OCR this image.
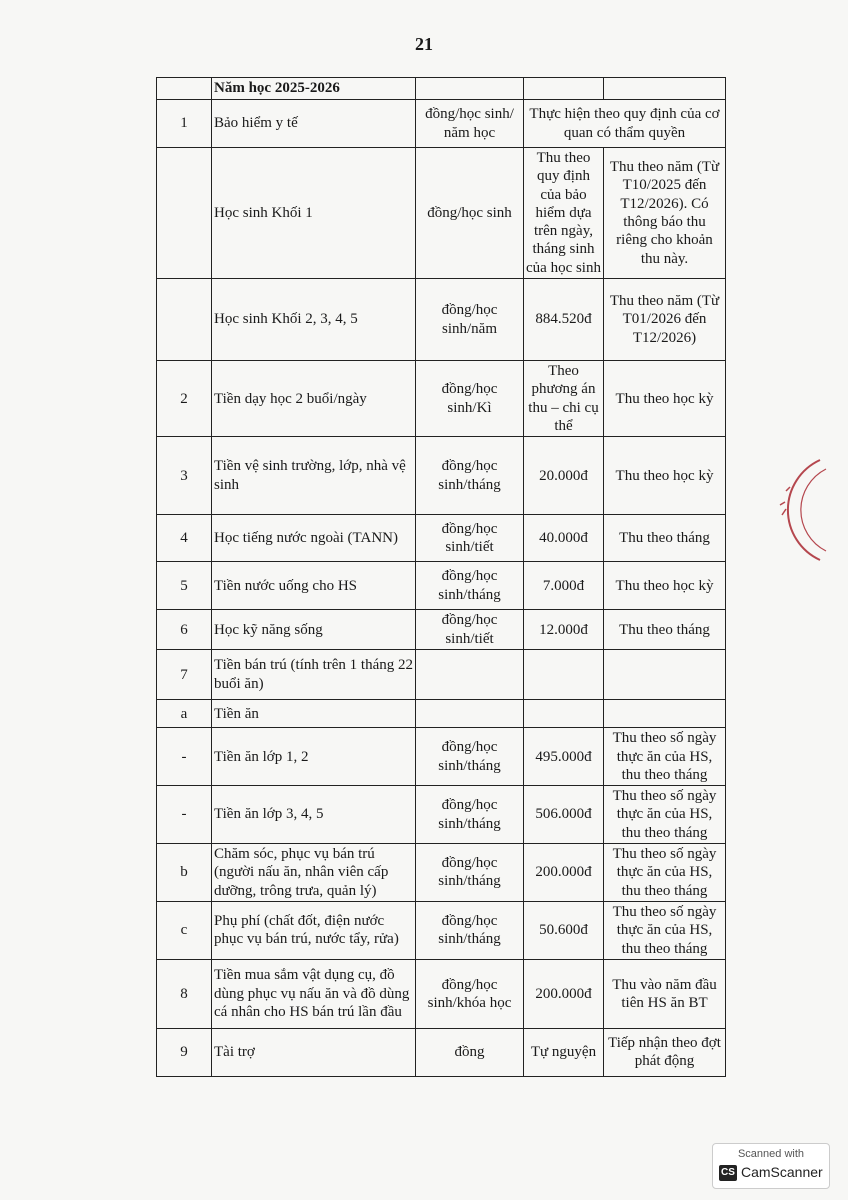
21
	Năm học 2025-2026			
1	Bảo hiểm y tế	đồng/học sinh/ năm học	Thực hiện theo quy định của cơ quan có thẩm quyền	
	Học sinh Khối 1	đồng/học sinh	Thu theo quy định của bảo hiểm dựa trên ngày, tháng sinh của học sinh	Thu theo năm (Từ T10/2025 đến T12/2026). Có thông báo thu riêng cho khoản thu này.
	Học sinh Khối 2, 3, 4, 5	đồng/học sinh/năm	884.520đ	Thu theo năm (Từ T01/2026 đến T12/2026)
2	Tiền dạy học 2 buổi/ngày	đồng/học sinh/Kì	Theo phương án thu – chi cụ thể	Thu theo học kỳ
3	Tiền vệ sinh trường, lớp, nhà vệ sinh	đồng/học sinh/tháng	20.000đ	Thu theo học kỳ
4	Học tiếng nước ngoài (TANN)	đồng/học sinh/tiết	40.000đ	Thu theo tháng
5	Tiền nước uống cho HS	đồng/học sinh/tháng	7.000đ	Thu theo học kỳ
6	Học kỹ năng sống	đồng/học sinh/tiết	12.000đ	Thu theo tháng
7	Tiền bán trú (tính trên 1 tháng 22 buổi ăn)			
a	Tiền ăn			
-	Tiền ăn lớp 1, 2	đồng/học sinh/tháng	495.000đ	Thu theo số ngày thực ăn của HS, thu theo tháng
-	Tiền ăn lớp 3, 4, 5	đồng/học sinh/tháng	506.000đ	Thu theo số ngày thực ăn của HS, thu theo tháng
b	Chăm sóc, phục vụ bán trú (người nấu ăn, nhân viên cấp dưỡng, trông trưa, quản lý)	đồng/học sinh/tháng	200.000đ	Thu theo số ngày thực ăn của HS, thu theo tháng
c	Phụ phí (chất đốt, điện nước phục vụ bán trú, nước tẩy, rửa)	đồng/học sinh/tháng	50.600đ	Thu theo số ngày thực ăn của HS, thu theo tháng
8	Tiền mua sắm vật dụng cụ, đồ dùng phục vụ nấu ăn và đồ dùng cá nhân cho HS bán trú lần đầu	đồng/học sinh/khóa học	200.000đ	Thu vào năm đầu tiên HS ăn BT
9	Tài trợ	đồng	Tự nguyện	Tiếp nhận theo đợt phát động
Scanned with
CS CamScanner
